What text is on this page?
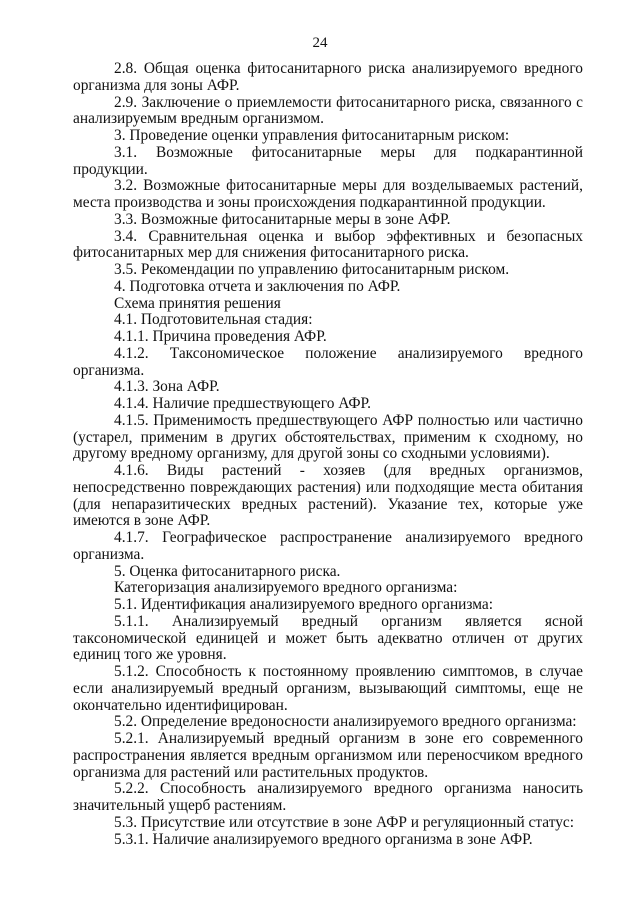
24

2.8. Общая оценка фитосанитарного риска анализируемого вредного организма для зоны АФР.

2.9. Заключение о приемлемости фитосанитарного риска, связанного с анализируемым вредным организмом.

3. Проведение оценки управления фитосанитарным риском:

3.1. Возможные фитосанитарные меры для подкарантинной продукции.

3.2. Возможные фитосанитарные меры для возделываемых растений, места производства и зоны происхождения подкарантинной продукции.

3.3. Возможные фитосанитарные меры в зоне АФР.

3.4. Сравнительная оценка и выбор эффективных и безопасных фитосанитарных мер для снижения фитосанитарного риска.

3.5. Рекомендации по управлению фитосанитарным риском.

4. Подготовка отчета и заключения по АФР.

Схема принятия решения

4.1. Подготовительная стадия:

4.1.1. Причина проведения АФР.

4.1.2. Таксономическое положение анализируемого вредного организма.

4.1.3. Зона АФР.

4.1.4. Наличие предшествующего АФР.

4.1.5. Применимость предшествующего АФР полностью или частично (устарел, применим в других обстоятельствах, применим к сходному, но другому вредному организму, для другой зоны со сходными условиями).

4.1.6. Виды растений - хозяев (для вредных организмов, непосредственно повреждающих растения) или подходящие места обитания (для непаразитических вредных растений). Указание тех, которые уже имеются в зоне АФР.

4.1.7. Географическое распространение анализируемого вредного организма.

5. Оценка фитосанитарного риска.

Категоризация анализируемого вредного организма:

5.1. Идентификация анализируемого вредного организма:

5.1.1. Анализируемый вредный организм является ясной таксономической единицей и может быть адекватно отличен от других единиц того же уровня.

5.1.2. Способность к постоянному проявлению симптомов, в случае если анализируемый вредный организм, вызывающий симптомы, еще не окончательно идентифицирован.

5.2. Определение вредоносности анализируемого вредного организма:

5.2.1. Анализируемый вредный организм в зоне его современного распространения является вредным организмом или переносчиком вредного организма для растений или растительных продуктов.

5.2.2. Способность анализируемого вредного организма наносить значительный ущерб растениям.

5.3. Присутствие или отсутствие в зоне АФР и регуляционный статус:

5.3.1. Наличие анализируемого вредного организма в зоне АФР.
